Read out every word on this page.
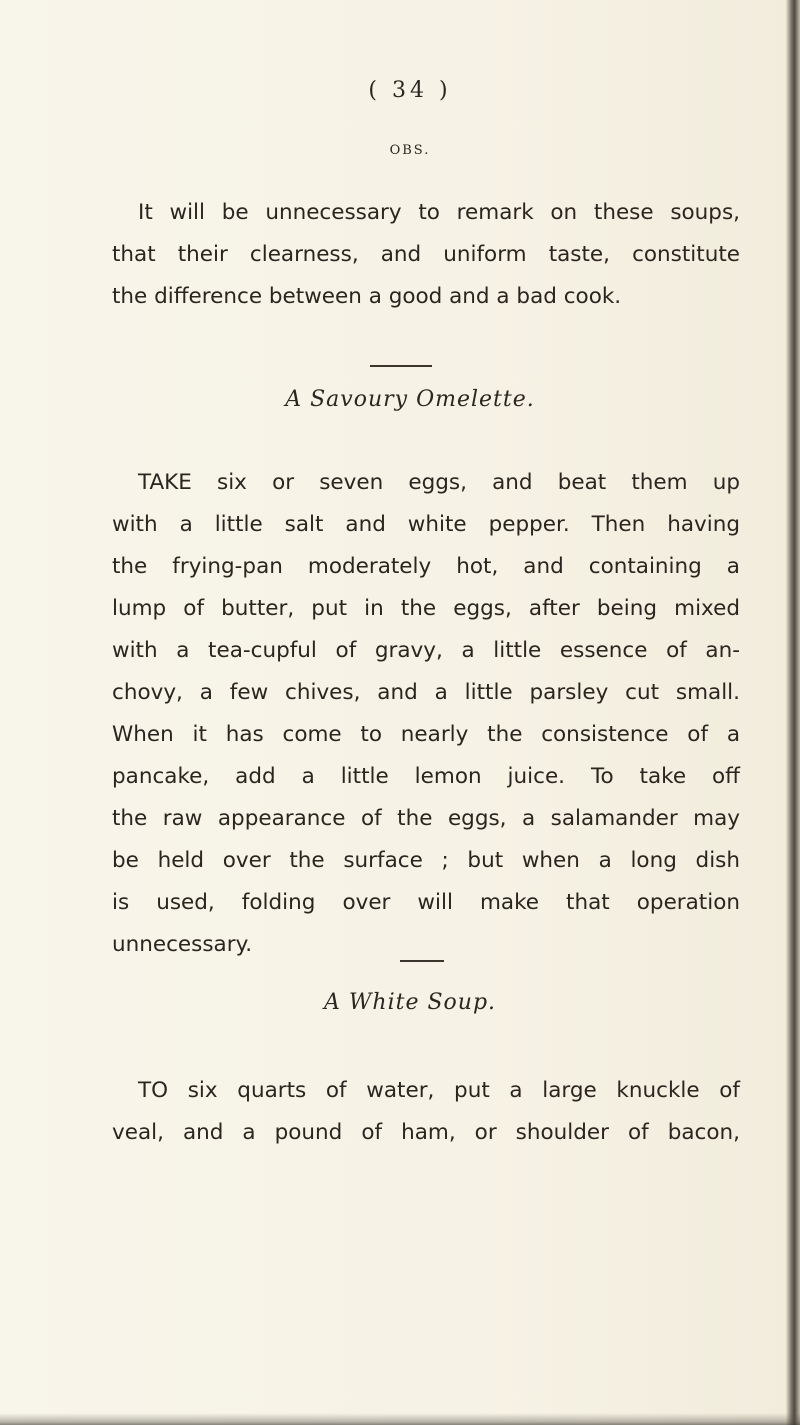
( 34 )
OBS.
It will be unnecessary to remark on these soups,
that their clearness, and uniform taste, constitute
the difference between a good and a bad cook.
A Savoury Omelette.
TAKE six or seven eggs, and beat them up
with a little salt and white pepper. Then having
the frying-pan moderately hot, and containing a
lump of butter, put in the eggs, after being mixed
with a tea-cupful of gravy, a little essence of an-
chovy, a few chives, and a little parsley cut small.
When it has come to nearly the consistence of a
pancake, add a little lemon juice. To take off
the raw appearance of the eggs, a salamander may
be held over the surface ; but when a long dish
is used, folding over will make that operation
unnecessary.
A White Soup.
TO six quarts of water, put a large knuckle of
veal, and a pound of ham, or shoulder of bacon,
